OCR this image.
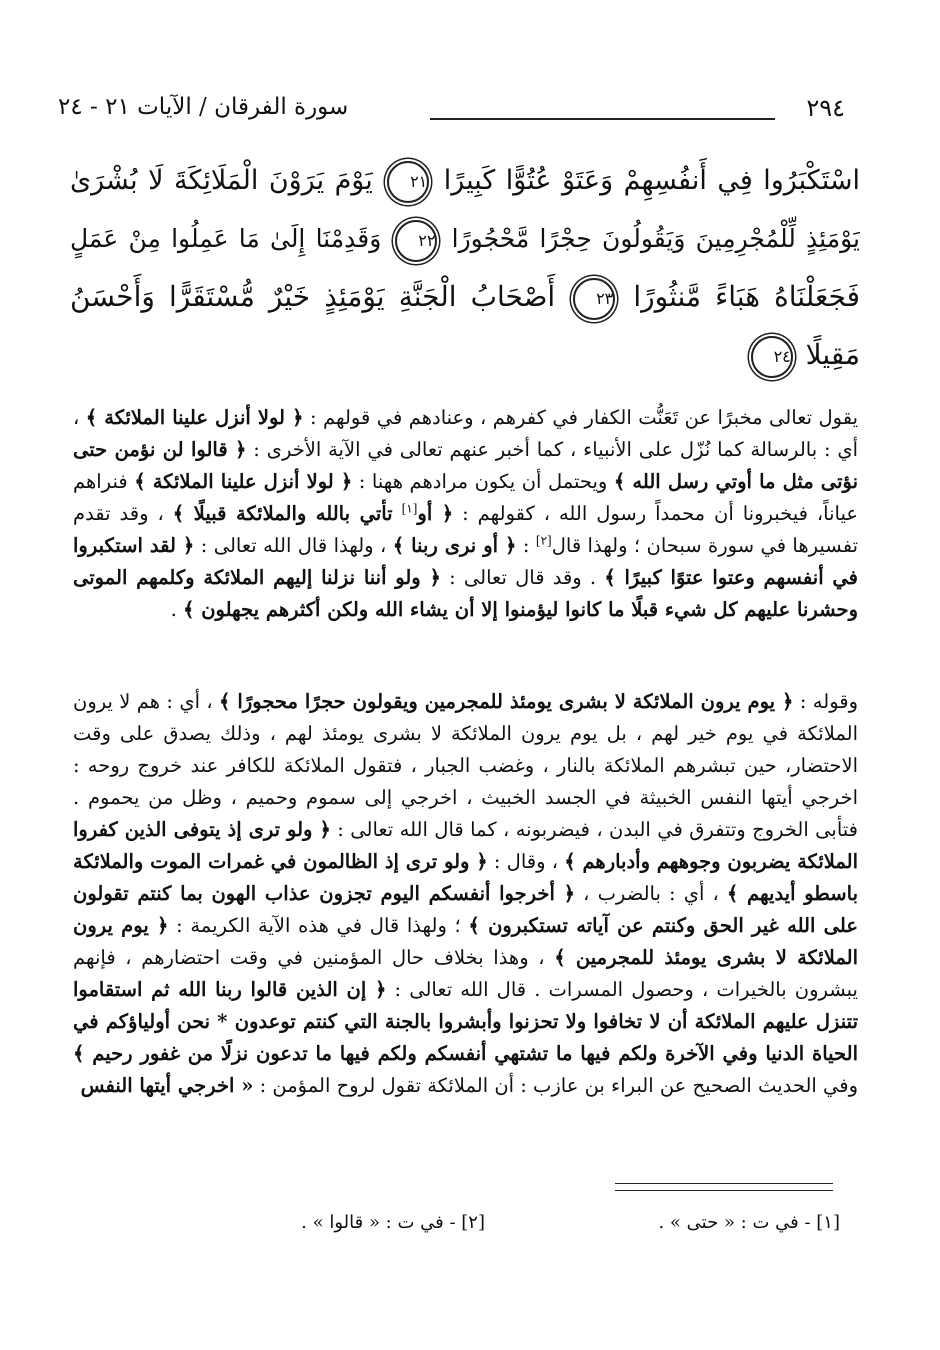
٢٩٤
سورة الفرقان / الآيات ٢١ - ٢٤
اسْتَكْبَرُوا فِي أَنفُسِهِمْ وَعَتَوْ عُتُوًّا كَبِيرًا ٢١ يَوْمَ يَرَوْنَ الْمَلَائِكَةَ لَا بُشْرَىٰ
يَوْمَئِذٍ لِّلْمُجْرِمِينَ وَيَقُولُونَ حِجْرًا مَّحْجُورًا ٢٢ وَقَدِمْنَا إِلَىٰ مَا عَمِلُوا مِنْ عَمَلٍ
فَجَعَلْنَاهُ هَبَاءً مَّنثُورًا ٢٣ أَصْحَابُ الْجَنَّةِ يَوْمَئِذٍ خَيْرٌ مُّسْتَقَرًّا وَأَحْسَنُ
مَقِيلًا ٢٤
يقول تعالى مخبرًا عن تَعَنُّت الكفار في كفرهم ، وعنادهم في قولهم : ﴿ لولا أنزل علينا الملائكة ﴾ ، أي : بالرسالة كما نُزّل على الأنبياء ، كما أخبر عنهم تعالى في الآية الأخرى : ﴿ قالوا لن نؤمن حتى نؤتى مثل ما أوتي رسل الله ﴾ ويحتمل أن يكون مرادهم ههنا : ﴿ لولا أنزل علينا الملائكة ﴾ فنراهم عياناً، فيخبرونا أن محمداً رسول الله ، كقولهم : ﴿ أو[١] تأتي بالله والملائكة قبيلًا ﴾ ، وقد تقدم تفسيرها في سورة سبحان ؛ ولهذا قال[٢] : ﴿ أو نرى ربنا ﴾ ، ولهذا قال الله تعالى : ﴿ لقد استكبروا في أنفسهم وعتوا عتوًا كبيرًا ﴾ . وقد قال تعالى : ﴿ ولو أننا نزلنا إليهم الملائكة وكلمهم الموتى وحشرنا عليهم كل شيء قبلًا ما كانوا ليؤمنوا إلا أن يشاء الله ولكن أكثرهم يجهلون ﴾ .
وقوله : ﴿ يوم يرون الملائكة لا بشرى يومئذ للمجرمين ويقولون حجرًا محجورًا ﴾ ، أي : هم لا يرون الملائكة في يوم خير لهم ، بل يوم يرون الملائكة لا بشرى يومئذ لهم ، وذلك يصدق على وقت الاحتضار، حين تبشرهم الملائكة بالنار ، وغضب الجبار ، فتقول الملائكة للكافر عند خروج روحه : اخرجي أيتها النفس الخبيثة في الجسد الخبيث ، اخرجي إلى سموم وحميم ، وظل من يحموم . فتأبى الخروج وتتفرق في البدن ، فيضربونه ، كما قال الله تعالى : ﴿ ولو ترى إذ يتوفى الذين كفروا الملائكة يضربون وجوههم وأدبارهم ﴾ ، وقال : ﴿ ولو ترى إذ الظالمون في غمرات الموت والملائكة باسطو أيديهم ﴾ ، أي : بالضرب ، ﴿ أخرجوا أنفسكم اليوم تجزون عذاب الهون بما كنتم تقولون على الله غير الحق وكنتم عن آياته تستكبرون ﴾ ؛ ولهذا قال في هذه الآية الكريمة : ﴿ يوم يرون الملائكة لا بشرى يومئذ للمجرمين ﴾ ، وهذا بخلاف حال المؤمنين في وقت احتضارهم ، فإنهم يبشرون بالخيرات ، وحصول المسرات . قال الله تعالى : ﴿ إن الذين قالوا ربنا الله ثم استقاموا تتنزل عليهم الملائكة أن لا تخافوا ولا تحزنوا وأبشروا بالجنة التي كنتم توعدون * نحن أولياؤكم في الحياة الدنيا وفي الآخرة ولكم فيها ما تشتهي أنفسكم ولكم فيها ما تدعون نزلًا من غفور رحيم ﴾ وفي الحديث الصحيح عن البراء بن عازب : أن الملائكة تقول لروح المؤمن : « اخرجي أيتها النفس
[١] - في ت : « حتى » .
[٢] - في ت : « قالوا » .
